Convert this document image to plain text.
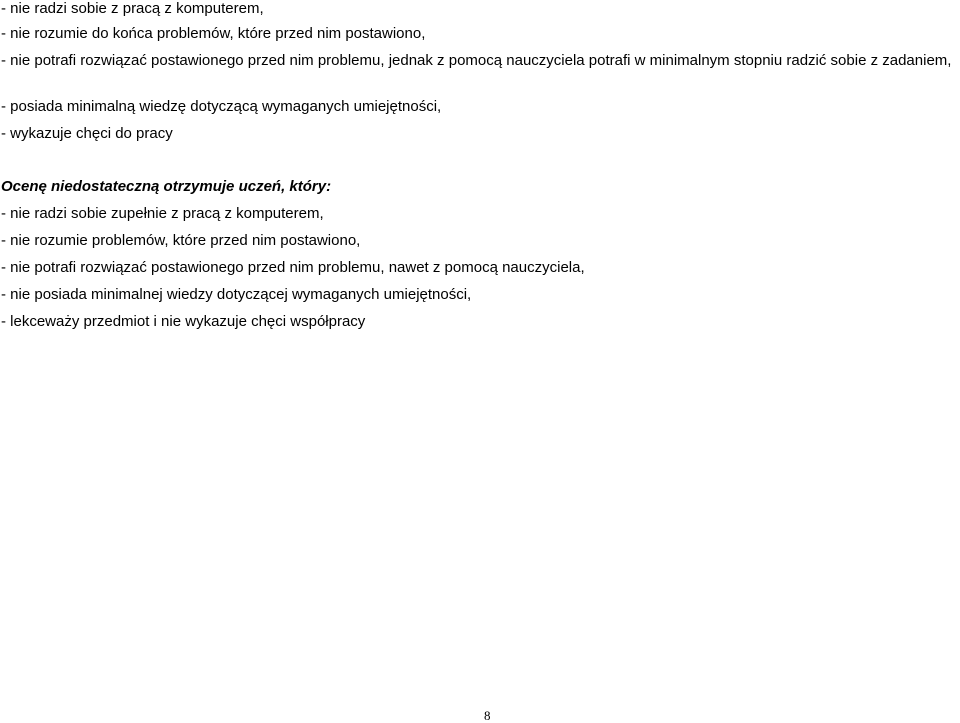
- nie radzi sobie z pracą z komputerem,
- nie rozumie do końca problemów, które przed nim postawiono,
- nie potrafi rozwiązać postawionego przed nim problemu, jednak z pomocą nauczyciela potrafi w minimalnym stopniu radzić sobie z zadaniem,
- posiada minimalną wiedzę dotyczącą wymaganych umiejętności,
- wykazuje chęci do pracy
Ocenę niedostateczną otrzymuje uczeń, który:
- nie radzi sobie zupełnie z pracą z komputerem,
- nie rozumie problemów, które przed nim postawiono,
- nie potrafi rozwiązać postawionego przed nim problemu, nawet z pomocą nauczyciela,
- nie posiada minimalnej wiedzy dotyczącej wymaganych umiejętności,
- lekceważy przedmiot i nie wykazuje chęci współpracy
8
